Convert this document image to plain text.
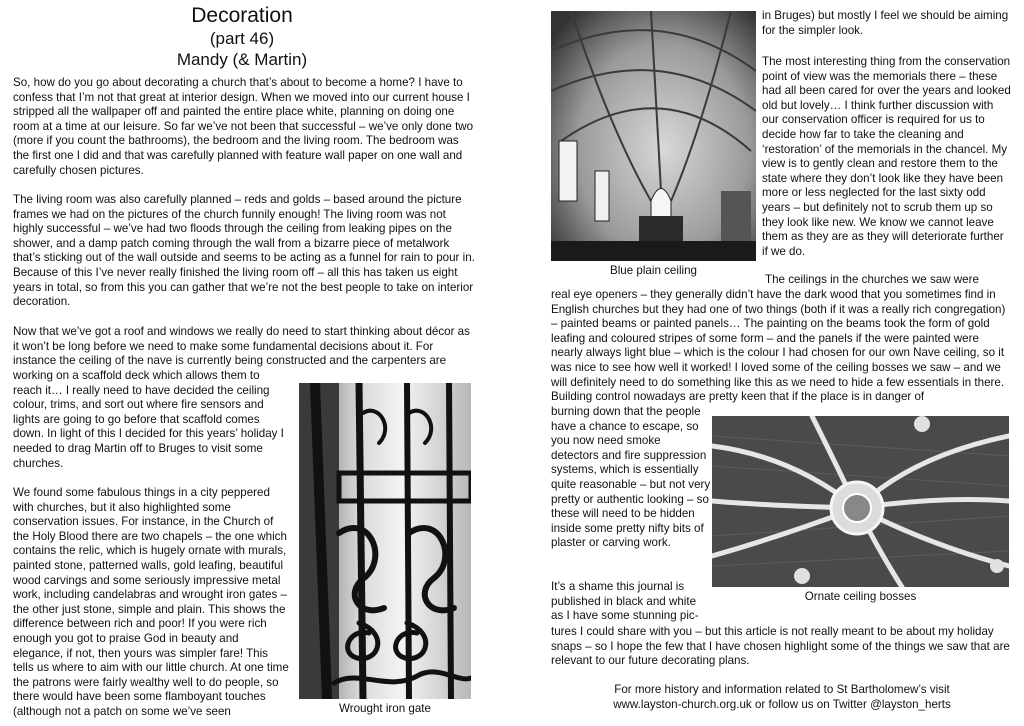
Decoration
(part 46)
Mandy (& Martin)

So, how do you go about decorating a church that’s about to become a home? I have to confess that I’m not that great at interior design. When we moved into our current house I stripped all the wallpaper off and painted the entire place white, planning on doing one room at a time at our leisure. So far we’ve not been that successful – we’ve only done two (more if you count the bathrooms), the bedroom and the living room. The bedroom was the first one I did and that was carefully planned with feature wall paper on one wall and carefully chosen pictures.

The living room was also carefully planned – reds and golds – based around the picture frames we had on the pictures of the church funnily enough! The living room was not highly successful – we’ve had two floods through the ceiling from leaking pipes on the shower, and a damp patch coming through the wall from a bizarre piece of metalwork that’s sticking out of the wall outside and seems to be acting as a funnel for rain to pour in. Because of this I’ve never really finished the living room off – all this has taken us eight years in total, so from this you can gather that we’re not the best people to take on interior decoration.

Now that we’ve got a roof and windows we really do need to start thinking about décor as it won’t be long before we need to make some fundamental decisions about it. For instance the ceiling of the nave is currently being constructed and the carpenters are

working on a scaffold deck which allows them to reach it… I really need to have decided the ceiling colour, trims, and sort out where fire sensors and lights are going to go before that scaffold comes down. In light of this I decided for this years’ holiday I needed to drag Martin off to Bruges to visit some churches.

We found some fabulous things in a city peppered with churches, but it also highlighted some conservation issues. For instance, in the Church of the Holy Blood there are two chapels – the one which contains the relic, which is hugely ornate with murals, painted stone, patterned walls, gold leafing, beautiful wood carvings and some seriously impressive metal work, including candelabras and wrought iron gates – the other just stone, simple and plain. This shows the difference between rich and poor! If you were rich enough you got to praise God in beauty and elegance, if not, then yours was simpler fare! This tells us where to aim with our little church. At one time the patrons were fairly wealthy well to do people, so there would have been some flamboyant touches (although not a patch on some we’ve seen	Wrought iron gate
Blue plain ceiling

in Bruges) but mostly I feel we should be aiming for the simpler look.

The most interesting thing from the conservation point of view was the memorials there – these had all been cared for over the years and looked old but lovely… I think further discussion with our conservation officer is required for us to decide how far to take the cleaning and ‘restoration’ of the memorials in the chancel. My view is to gently clean and restore them to the state where they don’t look like they have been more or less neglected for the last sixty odd years – but definitely not to scrub them up so they look like new. We know we cannot leave them as they are as they will deteriorate further if we do.

The ceilings in the churches we saw were

real eye openers – they generally didn’t have the dark wood that you sometimes find in English churches but they had one of two things (both if it was a really rich congregation) – painted beams or painted panels… The painting on the beams took the form of gold leafing and coloured stripes of some form – and the panels if the were painted were nearly always light blue – which is the colour I had chosen for our own Nave ceiling, so it was nice to see how well it worked! I loved some of the ceiling bosses we saw – and we will definitely need to do something like this as we need to hide a few essentials in there. Building control nowadays are pretty keen that if the place is in danger of

burning down that the people have a chance to escape, so you now need smoke detectors and fire suppression systems, which is essentially quite reasonable – but not very pretty or authentic looking – so these will need to be hidden inside some pretty nifty bits of plaster or carving work.

It’s a shame this journal is published in black and white as I have some stunning pic-

tures I could share with you – but this article is not really meant to be about my holiday snaps – so I hope the few that I have chosen highlight some of the things we saw that are relevant to our future decorating plans.

Ornate ceiling bosses
For more history and information related to St Bartholomew’s visit
www.layston-church.org.uk or follow us on Twitter @layston_herts
